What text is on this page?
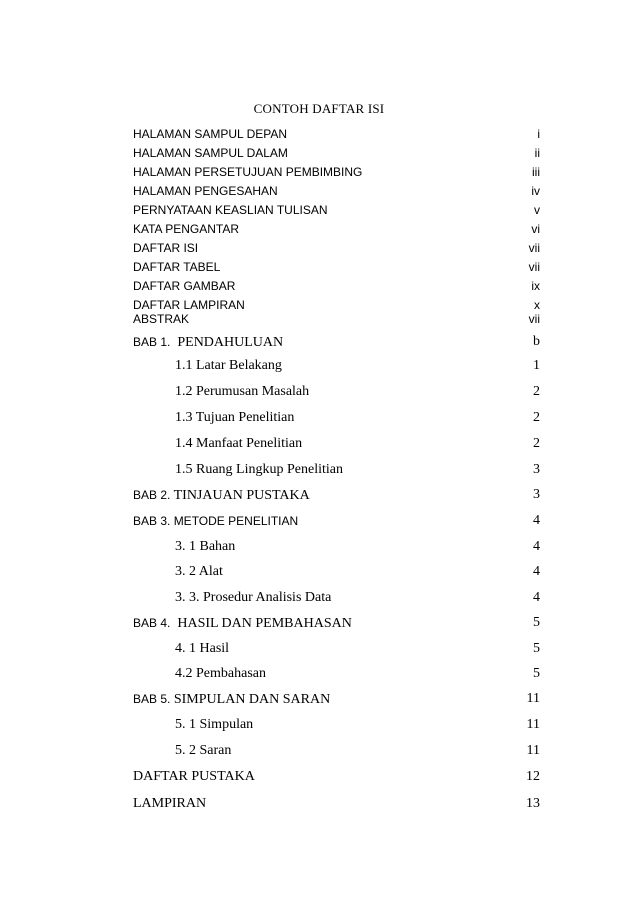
CONTOH DAFTAR ISI
HALAMAN SAMPUL DEPAN	i
HALAMAN SAMPUL DALAM	ii
HALAMAN PERSETUJUAN PEMBIMBING	iii
HALAMAN PENGESAHAN	iv
PERNYATAAN KEASLIAN TULISAN	v
KATA PENGANTAR	vi
DAFTAR ISI	vii
DAFTAR TABEL	vii
DAFTAR GAMBAR	ix
DAFTAR LAMPIRAN	x
ABSTRAK	vii
BAB 1.  PENDAHULUAN	b
1.1 Latar Belakang	1
1.2 Perumusan Masalah	2
1.3 Tujuan Penelitian	2
1.4 Manfaat Penelitian	2
1.5 Ruang Lingkup Penelitian	3
BAB 2. TINJAUAN PUSTAKA	3
BAB 3. METODE PENELITIAN	4
3. 1 Bahan	4
3. 2 Alat	4
3. 3. Prosedur Analisis Data	4
BAB 4.  HASIL DAN PEMBAHASAN	5
4. 1 Hasil	5
4.2 Pembahasan	5
BAB 5. SIMPULAN DAN SARAN	11
5. 1 Simpulan	11
5. 2 Saran	11
DAFTAR PUSTAKA	12
LAMPIRAN	13
